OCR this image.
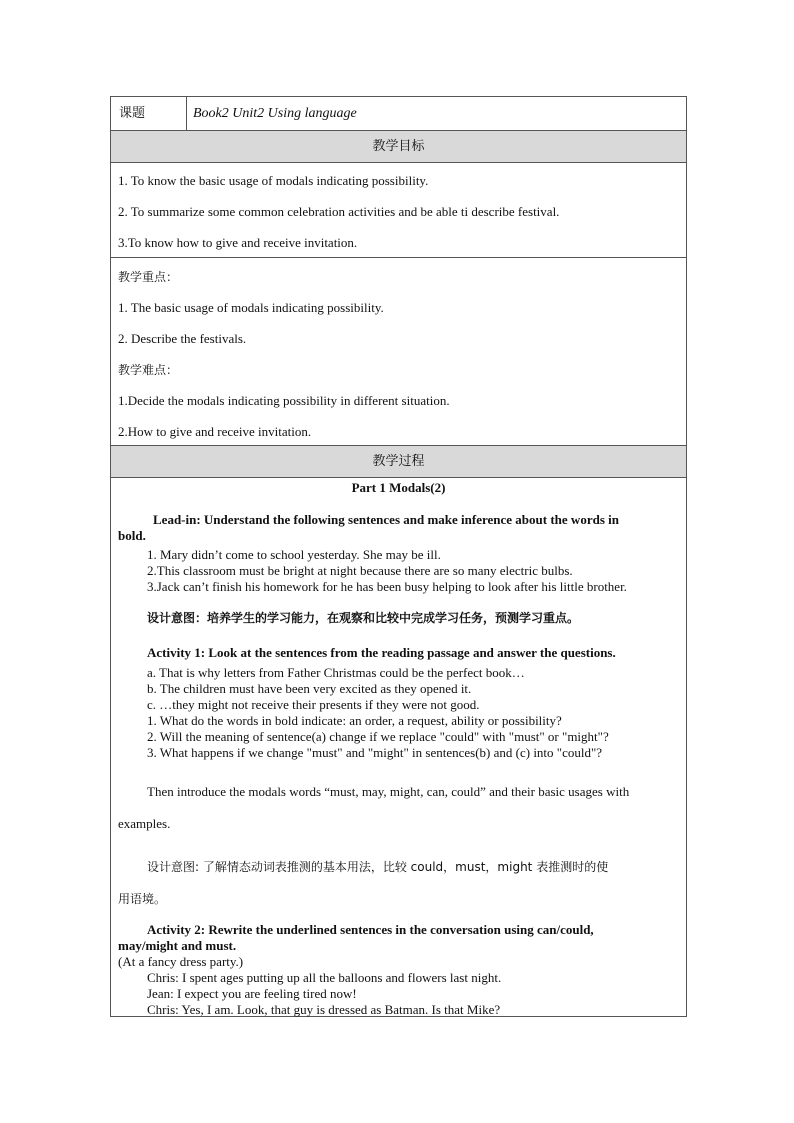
课题	Book2 Unit2 Using language
教学目标
1. To know the basic usage of modals indicating possibility.
2. To summarize some common celebration activities and be able ti describe festival.
3.To know how to give and receive invitation.
教学重点：
1. The basic usage of modals indicating possibility.
2. Describe the festivals.
教学难点：
1.Decide the modals indicating possibility in different situation.
2.How to give and receive invitation.
教学过程
Part 1 Modals(2)
Lead-in: Understand the following sentences and make inference about the words in
bold.
1. Mary didn’t come to school yesterday. She may be ill.
2.This classroom must be bright at night because there are so many electric bulbs.
3.Jack can’t finish his homework for he has been busy helping to look after his little brother.
设计意图：培养学生的学习能力，在观察和比较中完成学习任务，预测学习重点。
Activity 1: Look at the sentences from the reading passage and answer the questions.
a. That is why letters from Father Christmas could be the perfect book…
b. The children must have been very excited as they opened it.
c. …they might not receive their presents if they were not good.
1. What do the words in bold indicate: an order, a request, ability or possibility?
2. Will the meaning of sentence(a) change if we replace "could" with "must" or "might"?
3. What happens if we change "must" and "might" in sentences(b) and (c) into "could"?
Then introduce the modals words “must, may, might, can, could” and their basic usages with
examples.
设计意图: 了解情态动词表推测的基本用法，比较 could，must，might 表推测时的使
用语境。
Activity 2: Rewrite the underlined sentences in the conversation using can/could,
may/might and must.
(At a fancy dress party.)
Chris: I spent ages putting up all the balloons and flowers last night.
Jean: I expect you are feeling tired now!
Chris: Yes, I am. Look, that guy is dressed as Batman. Is that Mike?
